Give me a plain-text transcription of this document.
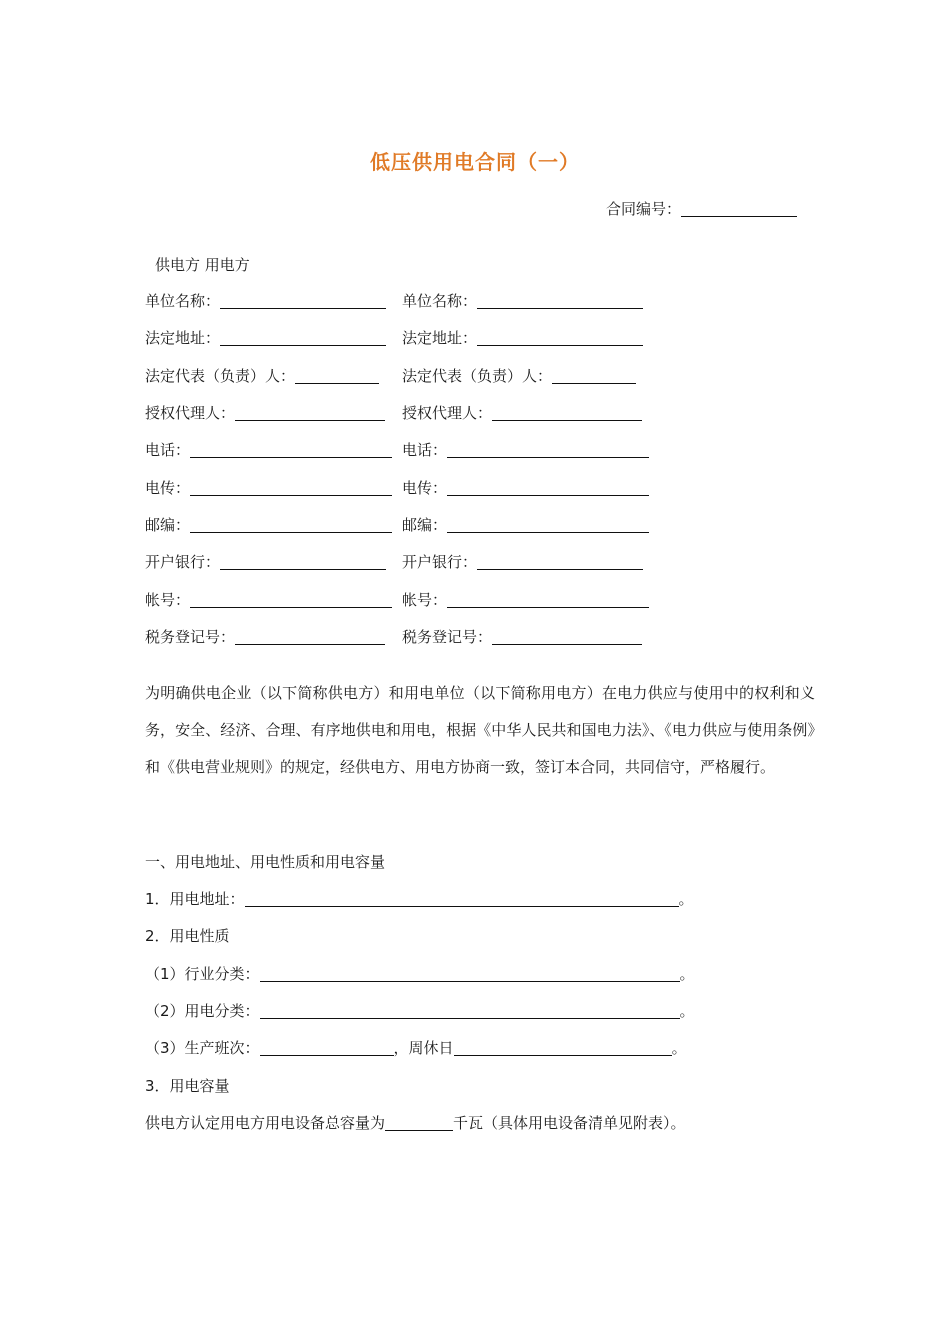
低压供用电合同（一）
合同编号：
供电方 用电方
单位名称：	单位名称：
法定地址：	法定地址：
法定代表（负责）人：	法定代表（负责）人：
授权代理人：	授权代理人：
电话：	电话：
电传：	电传：
邮编：	邮编：
开户银行：	开户银行：
帐号：	帐号：
税务登记号：	税务登记号：
为明确供电企业（以下简称供电方）和用电单位（以下简称用电方）在电力供应与使用中的权利和义务，安全、经济、合理、有序地供电和用电，根据《中华人民共和国电力法》、《电力供应与使用条例》和《供电营业规则》的规定，经供电方、用电方协商一致，签订本合同，共同信守，严格履行。
一、用电地址、用电性质和用电容量
1．用电地址：	。
2．用电性质
（1）行业分类：	。
（2）用电分类：	。
（3）生产班次：	，周休日	。
3．用电容量
供电方认定用电方用电设备总容量为	千瓦（具体用电设备清单见附表）。
